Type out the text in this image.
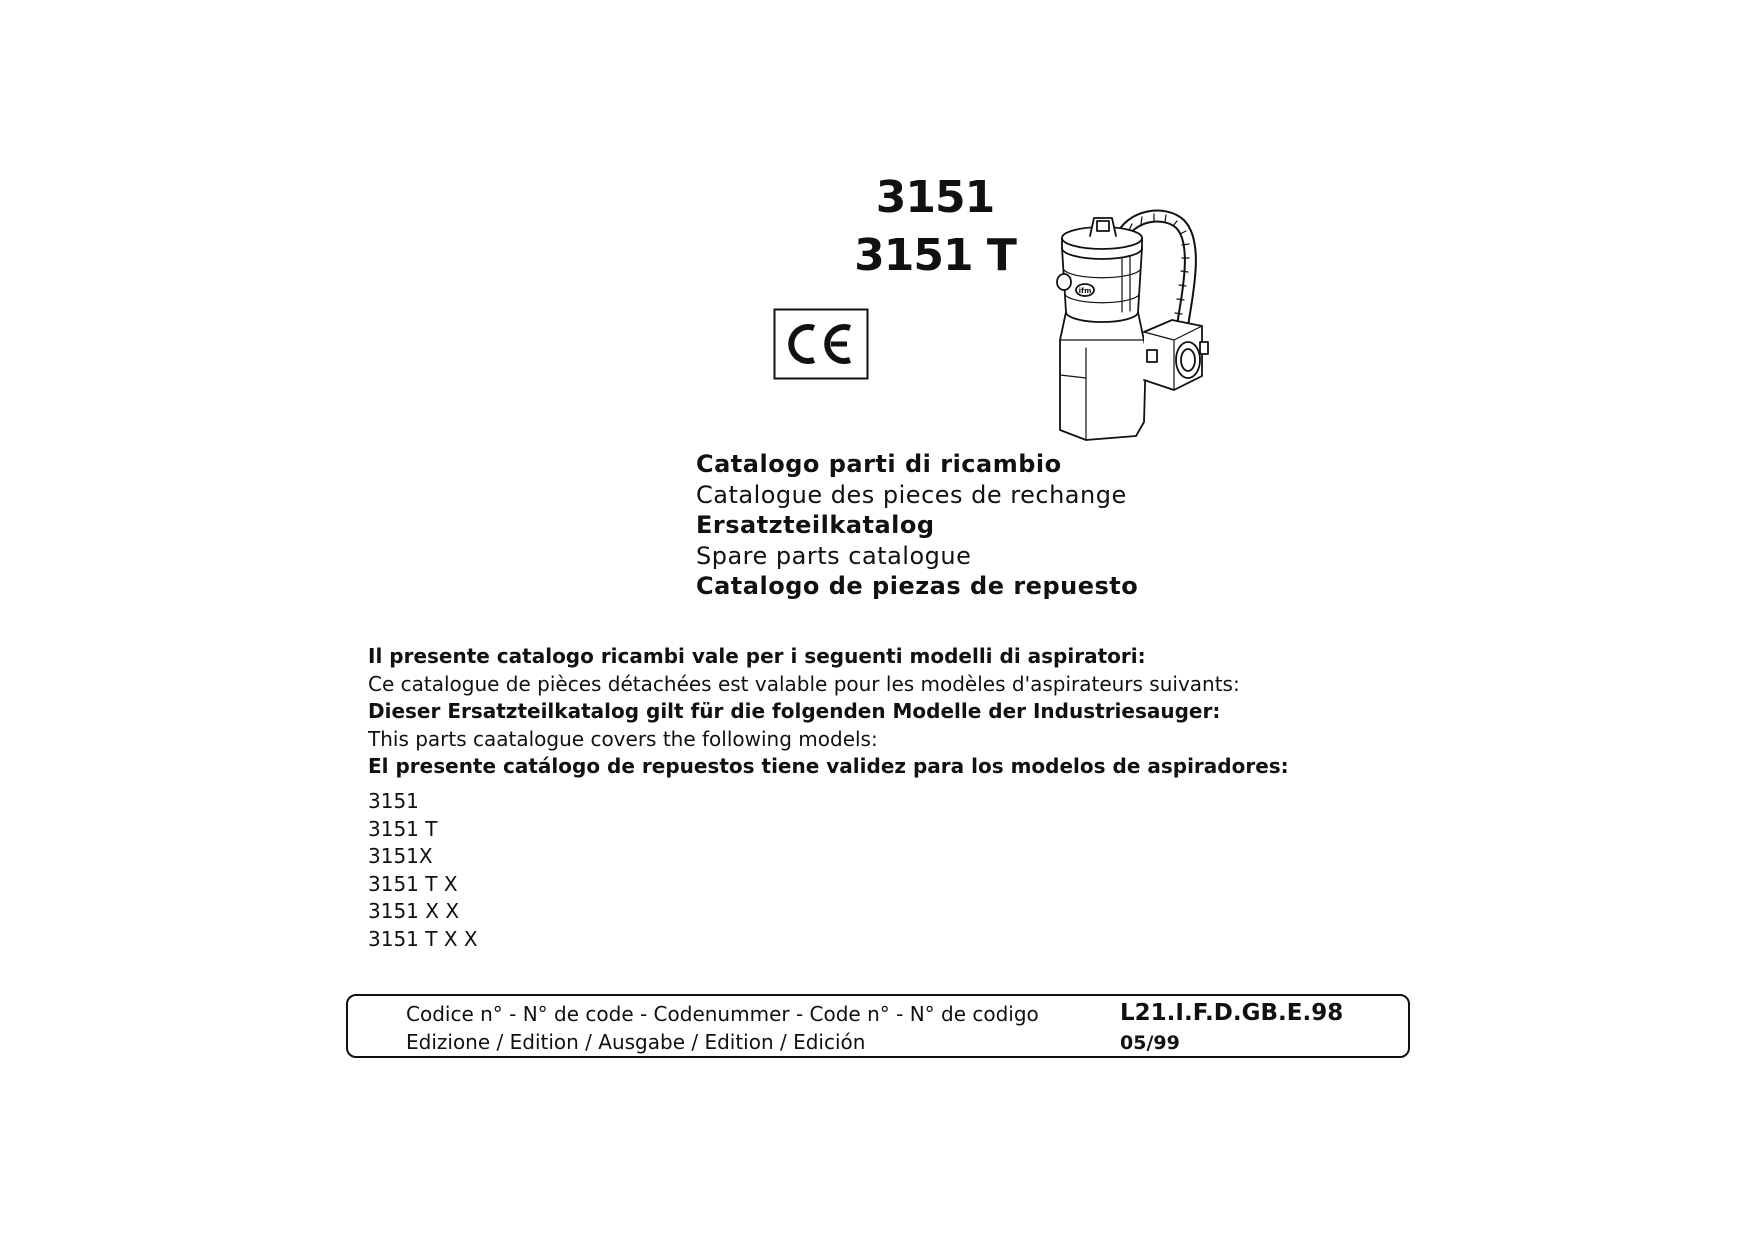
3151
3151 T
ifm
Catalogo parti di ricambio
Catalogue des pieces de rechange
Ersatzteilkatalog
Spare parts catalogue
Catalogo de piezas de repuesto
Il presente catalogo ricambi vale per i seguenti modelli di aspiratori:
Ce catalogue de pièces détachées est valable pour les modèles d'aspirateurs suivants:
Dieser Ersatzteilkatalog gilt für die folgenden Modelle der Industriesauger:
This parts caatalogue covers the following models:
El presente catálogo de repuestos tiene validez para los modelos de aspiradores:
3151
3151 T
3151X
3151 T X
3151 X X
3151 T X X
Codice n° - N° de code - Codenummer - Code n° - N° de codigo	L21.I.F.D.GB.E.98
Edizione / Edition / Ausgabe / Edition / Edición	05/99
